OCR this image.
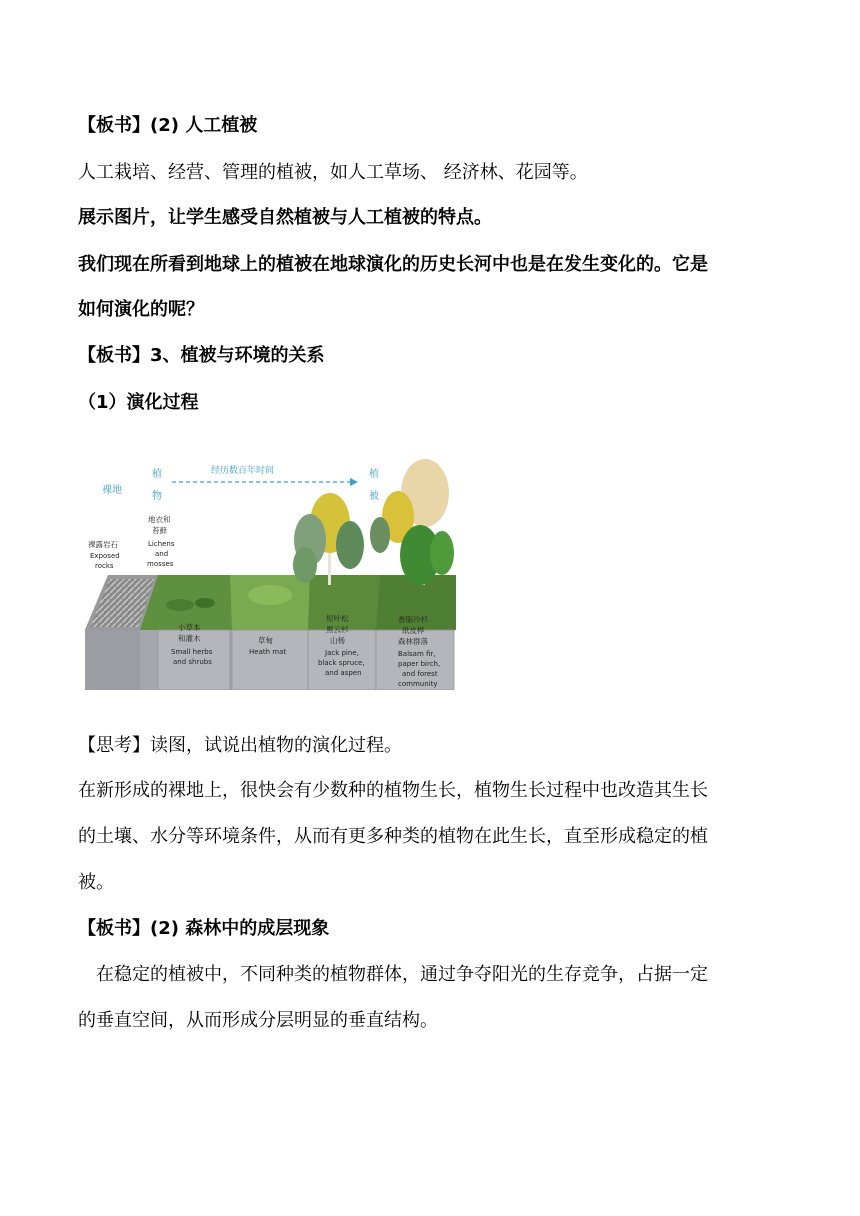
【板书】(2) 人工植被
人工栽培、经营、管理的植被，如人工草场、 经济林、花园等。
展示图片，让学生感受自然植被与人工植被的特点。
我们现在所看到地球上的植被在地球演化的历史长河中也是在发生变化的。它是
如何演化的呢？
【板书】3、植被与环境的关系
（1）演化过程
裸地
植
物
经历数百年时间	植
被
裸露岩石
Exposed
rocks
地衣和
苔藓
Lichens
and
mosses
小草本
和灌木
Small herbs
and shrubs
草甸
Heath mat
短叶松
黑云杉
山杨
Jack pine,
black spruce,
and aspen
香脂冷杉
纸皮桦
森林群落
Balsam fir,
paper birch,
and forest
community
【思考】读图，试说出植物的演化过程。
在新形成的裸地上，很快会有少数种的植物生长，植物生长过程中也改造其生长
的土壤、水分等环境条件，从而有更多种类的植物在此生长，直至形成稳定的植
被。
【板书】(2) 森林中的成层现象
在稳定的植被中，不同种类的植物群体，通过争夺阳光的生存竞争，占据一定
的垂直空间，从而形成分层明显的垂直结构。
